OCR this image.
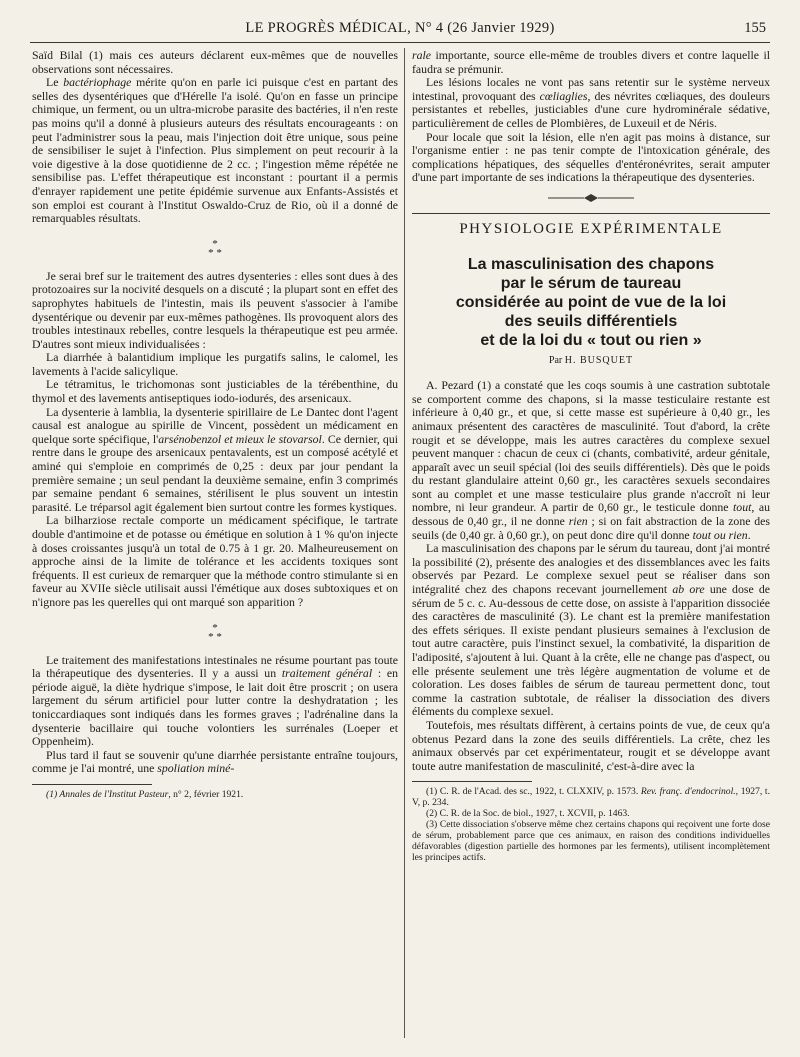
LE PROGRÈS MÉDICAL, N° 4 (26 Janvier 1929)	155

Saïd Bilal (1) mais ces auteurs déclarent eux-mêmes que de nouvelles observations sont nécessaires.

Le bactériophage mérite qu'on en parle ici puisque c'est en partant des selles des dysentériques que d'Hérelle l'a isolé. Qu'on en fasse un principe chimique, un ferment, ou un ultra-microbe parasite des bactéries, il n'en reste pas moins qu'il a donné à plusieurs auteurs des résultats encourageants : on peut l'administrer sous la peau, mais l'injection doit être unique, sous peine de sensibiliser le sujet à l'infection. Plus simplement on peut recourir à la voie digestive à la dose quotidienne de 2 cc. ; l'ingestion même répétée ne sensibilise pas. L'effet thérapeutique est inconstant : pourtant il a permis d'enrayer rapidement une petite épidémie survenue aux Enfants-Assistés et son emploi est courant à l'Institut Oswaldo-Cruz de Rio, où il a donné de remarquables résultats.

*
* *

Je serai bref sur le traitement des autres dysenteries : elles sont dues à des protozoaires sur la nocivité desquels on a discuté ; la plupart sont en effet des saprophytes habituels de l'intestin, mais ils peuvent s'associer à l'amibe dysentérique ou devenir par eux-mêmes pathogènes. Ils provoquent alors des troubles intestinaux rebelles, contre lesquels la thérapeutique est peu armée. D'autres sont mieux individualisées :

La diarrhée à balantidium implique les purgatifs salins, le calomel, les lavements à l'acide salicylique.

Le tétramitus, le trichomonas sont justiciables de la térébenthine, du thymol et des lavements antiseptiques iodo-iodurés, des arsenicaux.

La dysenterie à lamblia, la dysenterie spirillaire de Le Dantec dont l'agent causal est analogue au spirille de Vincent, possèdent un médicament en quelque sorte spécifique, l'arsénobenzol et mieux le stovarsol. Ce dernier, qui rentre dans le groupe des arsenicaux pentavalents, est un composé acétylé et aminé qui s'emploie en comprimés de 0,25 : deux par jour pendant la première semaine ; un seul pendant la deuxième semaine, enfin 3 comprimés par semaine pendant 6 semaines, stérilisent le plus souvent un intestin parasité. Le tréparsol agit également bien surtout contre les formes kystiques.

La bilharziose rectale comporte un médicament spécifique, le tartrate double d'antimoine et de potasse ou émétique en solution à 1 % qu'on injecte à doses croissantes jusqu'à un total de 0.75 à 1 gr. 20. Malheureusement on approche ainsi de la limite de tolérance et les accidents toxiques sont fréquents. Il est curieux de remarquer que la méthode contro stimulante si en faveur au XVIIe siècle utilisait aussi l'émétique aux doses subtoxiques et on n'ignore pas les querelles qui ont marqué son apparition ?

*
* *

Le traitement des manifestations intestinales ne résume pourtant pas toute la thérapeutique des dysenteries. Il y a aussi un traitement général : en période aiguë, la diète hydrique s'impose, le lait doit être proscrit ; on usera largement du sérum artificiel pour lutter contre la deshydratation ; les toniccardiaques sont indiqués dans les formes graves ; l'adrénaline dans la dysenterie bacillaire qui touche volontiers les surrénales (Loeper et Oppenheim).

Plus tard il faut se souvenir qu'une diarrhée persistante entraîne toujours, comme je l'ai montré, une spoliation miné-

(1) Annales de l'Institut Pasteur, n° 2, février 1921.

rale importante, source elle-même de troubles divers et contre laquelle il faudra se prémunir.

Les lésions locales ne vont pas sans retentir sur le système nerveux intestinal, provoquant des cœliaglies, des névrites cœliaques, des douleurs persistantes et rebelles, justiciables d'une cure hydrominérale sédative, particulièrement de celles de Plombières, de Luxeuil et de Néris.

Pour locale que soit la lésion, elle n'en agit pas moins à distance, sur l'organisme entier : ne pas tenir compte de l'intoxication générale, des complications hépatiques, des séquelles d'entéronévrites, serait amputer d'une part importante de ses indications la thérapeutique des dysenteries.

PHYSIOLOGIE EXPÉRIMENTALE
La masculinisation des chapons
par le sérum de taureau
considérée au point de vue de la loi
des seuils différentiels
et de la loi du « tout ou rien »
Par H. BUSQUET

A. Pezard (1) a constaté que les coqs soumis à une castration subtotale se comportent comme des chapons, si la masse testiculaire restante est inférieure à 0,40 gr., et que, si cette masse est supérieure à 0,40 gr., les animaux présentent des caractères de masculinité. Tout d'abord, la crête rougit et se développe, mais les autres caractères du complexe sexuel peuvent manquer : chacun de ceux ci (chants, combativité, ardeur génitale, apparaît avec un seuil spécial (loi des seuils différentiels). Dès que le poids du restant glandulaire atteint 0,60 gr., les caractères sexuels secondaires sont au complet et une masse testiculaire plus grande n'accroît ni leur nombre, ni leur grandeur. A partir de 0,60 gr., le testicule donne tout, au dessous de 0,40 gr., il ne donne rien ; si on fait abstraction de la zone des seuils (de 0,40 gr. à 0,60 gr.), on peut donc dire qu'il donne tout ou rien.

La masculinisation des chapons par le sérum du taureau, dont j'ai montré la possibilité (2), présente des analogies et des dissemblances avec les faits observés par Pezard. Le complexe sexuel peut se réaliser dans son intégralité chez des chapons recevant journellement ab ore une dose de sérum de 5 c. c. Au-dessous de cette dose, on assiste à l'apparition dissociée des caractères de masculinité (3). Le chant est la première manifestation des effets sériques. Il existe pendant plusieurs semaines à l'exclusion de tout autre caractère, puis l'instinct sexuel, la combativité, la disparition de l'adiposité, s'ajoutent à lui. Quant à la crête, elle ne change pas d'aspect, ou elle présente seulement une très légère augmentation de volume et de coloration. Les doses faibles de sérum de taureau permettent donc, tout comme la castration subtotale, de réaliser la dissociation des divers éléments du complexe sexuel.

Toutefois, mes résultats diffèrent, à certains points de vue, de ceux qu'a obtenus Pezard dans la zone des seuils différentiels. La crête, chez les animaux observés par cet expérimentateur, rougit et se développe avant toute autre manifestation de masculinité, c'est-à-dire avec la

(1) C. R. de l'Acad. des sc., 1922, t. CLXXIV, p. 1573. Rev. franç. d'endocrinol., 1927, t. V, p. 234.

(2) C. R. de la Soc. de biol., 1927, t. XCVII, p. 1463.

(3) Cette dissociation s'observe même chez certains chapons qui reçoivent une forte dose de sérum, probablement parce que ces animaux, en raison des conditions individuelles défavorables (digestion partielle des hormones par les ferments), utilisent incomplètement les principes actifs.
